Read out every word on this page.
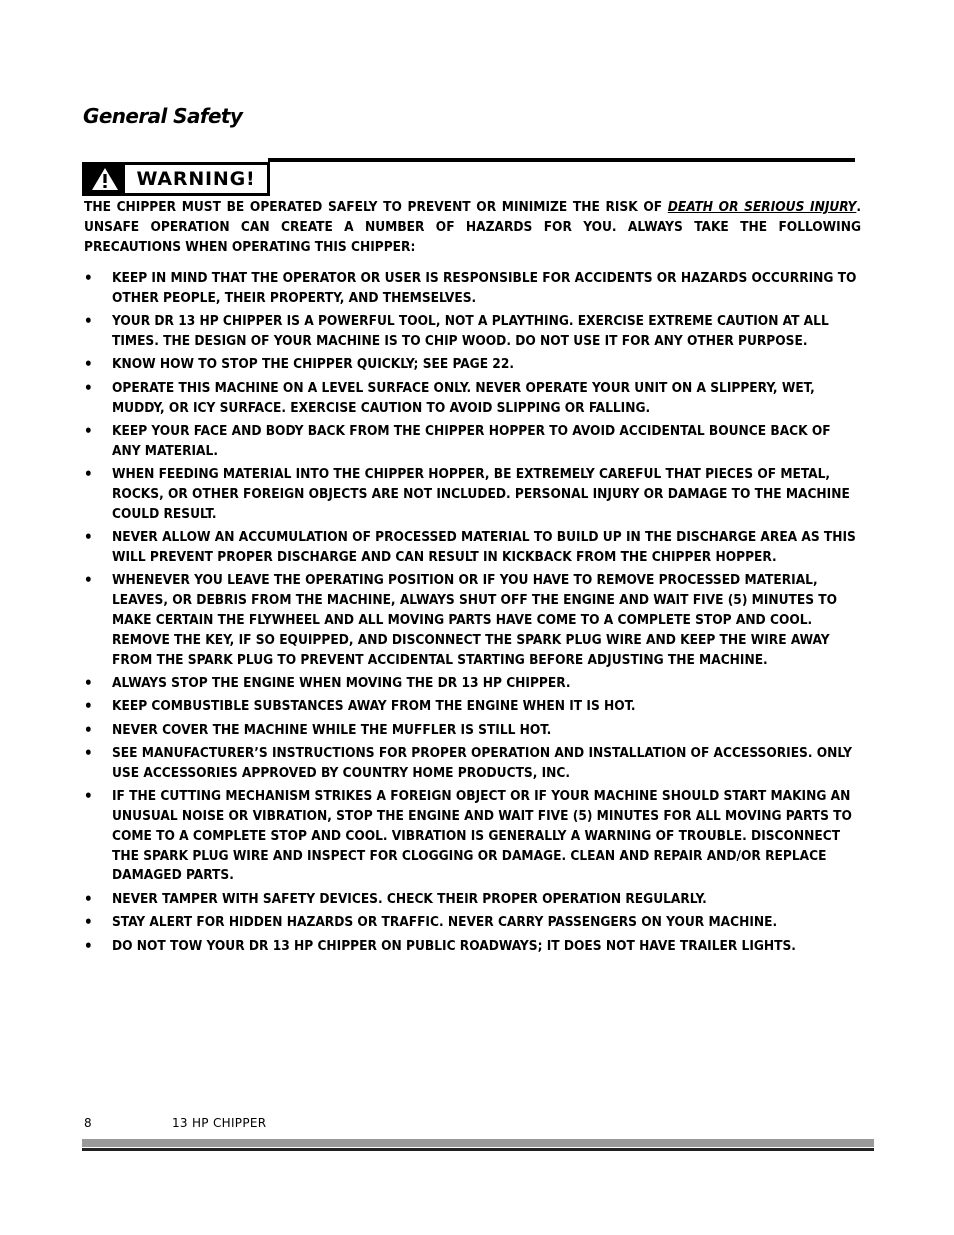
General Safety
WARNING!

THE CHIPPER MUST BE OPERATED SAFELY TO PREVENT OR MINIMIZE THE RISK OF DEATH OR SERIOUS INJURY. UNSAFE OPERATION CAN CREATE A NUMBER OF HAZARDS FOR YOU. ALWAYS TAKE THE FOLLOWING PRECAUTIONS WHEN OPERATING THIS CHIPPER:

• KEEP IN MIND THAT THE OPERATOR OR USER IS RESPONSIBLE FOR ACCIDENTS OR HAZARDS OCCURRING TO OTHER PEOPLE, THEIR PROPERTY, AND THEMSELVES.
• YOUR DR 13 HP CHIPPER IS A POWERFUL TOOL, NOT A PLAYTHING. EXERCISE EXTREME CAUTION AT ALL TIMES. THE DESIGN OF YOUR MACHINE IS TO CHIP WOOD. DO NOT USE IT FOR ANY OTHER PURPOSE.
• KNOW HOW TO STOP THE CHIPPER QUICKLY; SEE PAGE 22.
• OPERATE THIS MACHINE ON A LEVEL SURFACE ONLY. NEVER OPERATE YOUR UNIT ON A SLIPPERY, WET, MUDDY, OR ICY SURFACE. EXERCISE CAUTION TO AVOID SLIPPING OR FALLING.
• KEEP YOUR FACE AND BODY BACK FROM THE CHIPPER HOPPER TO AVOID ACCIDENTAL BOUNCE BACK OF ANY MATERIAL.
• WHEN FEEDING MATERIAL INTO THE CHIPPER HOPPER, BE EXTREMELY CAREFUL THAT PIECES OF METAL, ROCKS, OR OTHER FOREIGN OBJECTS ARE NOT INCLUDED. PERSONAL INJURY OR DAMAGE TO THE MACHINE COULD RESULT.
• NEVER ALLOW AN ACCUMULATION OF PROCESSED MATERIAL TO BUILD UP IN THE DISCHARGE AREA AS THIS WILL PREVENT PROPER DISCHARGE AND CAN RESULT IN KICKBACK FROM THE CHIPPER HOPPER.
• WHENEVER YOU LEAVE THE OPERATING POSITION OR IF YOU HAVE TO REMOVE PROCESSED MATERIAL, LEAVES, OR DEBRIS FROM THE MACHINE, ALWAYS SHUT OFF THE ENGINE AND WAIT FIVE (5) MINUTES TO MAKE CERTAIN THE FLYWHEEL AND ALL MOVING PARTS HAVE COME TO A COMPLETE STOP AND COOL. REMOVE THE KEY, IF SO EQUIPPED, AND DISCONNECT THE SPARK PLUG WIRE AND KEEP THE WIRE AWAY FROM THE SPARK PLUG TO PREVENT ACCIDENTAL STARTING BEFORE ADJUSTING THE MACHINE.
• ALWAYS STOP THE ENGINE WHEN MOVING THE DR 13 HP CHIPPER.
• KEEP COMBUSTIBLE SUBSTANCES AWAY FROM THE ENGINE WHEN IT IS HOT.
• NEVER COVER THE MACHINE WHILE THE MUFFLER IS STILL HOT.
• SEE MANUFACTURER’S INSTRUCTIONS FOR PROPER OPERATION AND INSTALLATION OF ACCESSORIES. ONLY USE ACCESSORIES APPROVED BY COUNTRY HOME PRODUCTS, INC.
• IF THE CUTTING MECHANISM STRIKES A FOREIGN OBJECT OR IF YOUR MACHINE SHOULD START MAKING AN UNUSUAL NOISE OR VIBRATION, STOP THE ENGINE AND WAIT FIVE (5) MINUTES FOR ALL MOVING PARTS TO COME TO A COMPLETE STOP AND COOL. VIBRATION IS GENERALLY A WARNING OF TROUBLE. DISCONNECT THE SPARK PLUG WIRE AND INSPECT FOR CLOGGING OR DAMAGE. CLEAN AND REPAIR AND/OR REPLACE DAMAGED PARTS.
• NEVER TAMPER WITH SAFETY DEVICES. CHECK THEIR PROPER OPERATION REGULARLY.
• STAY ALERT FOR HIDDEN HAZARDS OR TRAFFIC. NEVER CARRY PASSENGERS ON YOUR MACHINE.
• DO NOT TOW YOUR DR 13 HP CHIPPER ON PUBLIC ROADWAYS; IT DOES NOT HAVE TRAILER LIGHTS.
8	13 HP CHIPPER
